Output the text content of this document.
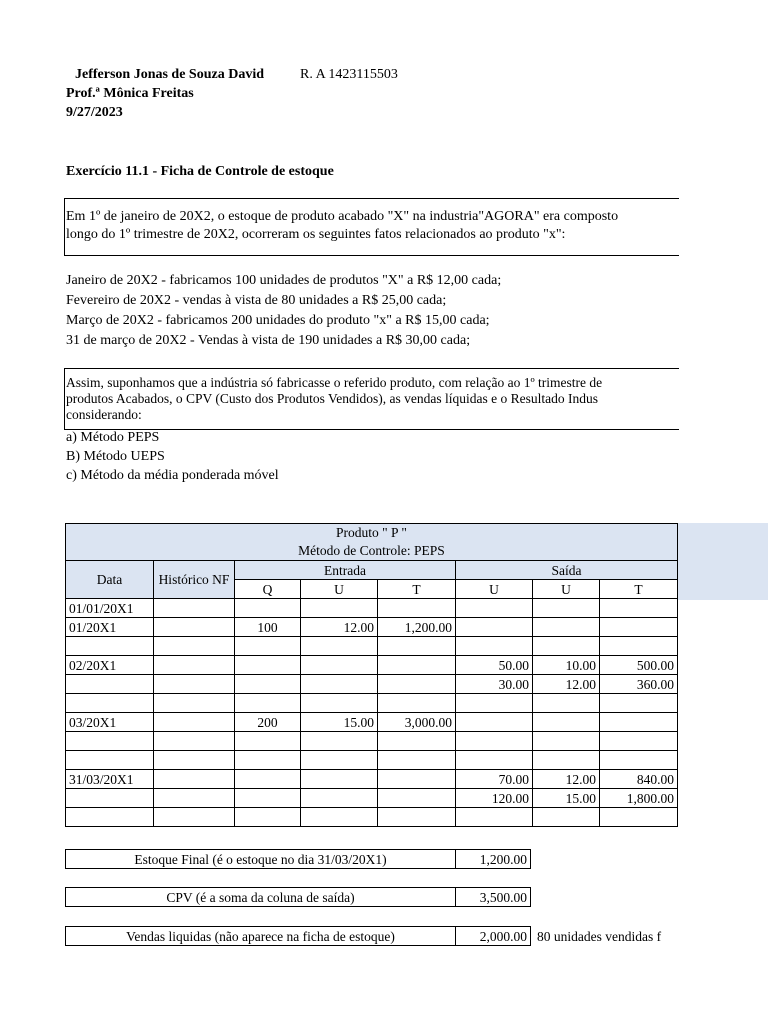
Jefferson Jonas de Souza David	R. A 1423115503
Prof.ª Mônica Freitas
9/27/2023
Exercício 11.1 - Ficha de Controle de estoque
Em 1º de janeiro de 20X2, o estoque de produto acabado "X" na industria"AGORA" era composto
longo do 1º trimestre de 20X2, ocorreram os seguintes fatos relacionados ao produto "x":
Janeiro de 20X2 - fabricamos 100 unidades de produtos "X" a R$ 12,00 cada;
Fevereiro de 20X2 - vendas à vista de 80 unidades a R$ 25,00 cada;
Março de 20X2 - fabricamos 200 unidades do produto "x" a R$ 15,00 cada;
31 de março de 20X2 - Vendas à vista de 190 unidades a R$ 30,00 cada;
Assim, suponhamos que a indústria só fabricasse o referido produto, com relação ao 1º trimestre de
produtos Acabados, o CPV (Custo dos Produtos Vendidos), as vendas líquidas e o Resultado Indus
considerando:
a) Método PEPS
B) Método UEPS
c) Método da média ponderada móvel
Produto " P "
Método de Controle: PEPS							

Data	Histórico NF	Entrada			Saída		
		Q	U	T	U	U	T
01/01/20X1							
01/20X1		100	12.00	1,200.00			

02/20X1					50.00	10.00	500.00
					30.00	12.00	360.00

03/20X1		200	15.00	3,000.00			

31/03/20X1					70.00	12.00	840.00
					120.00	15.00	1,800.00

Estoque Final (é o estoque no dia 31/03/20X1)	1,200.00
CPV (é a soma da coluna de saída)	3,500.00
Vendas liquidas (não aparece na ficha de estoque)	2,000.00	80 unidades vendidas f
